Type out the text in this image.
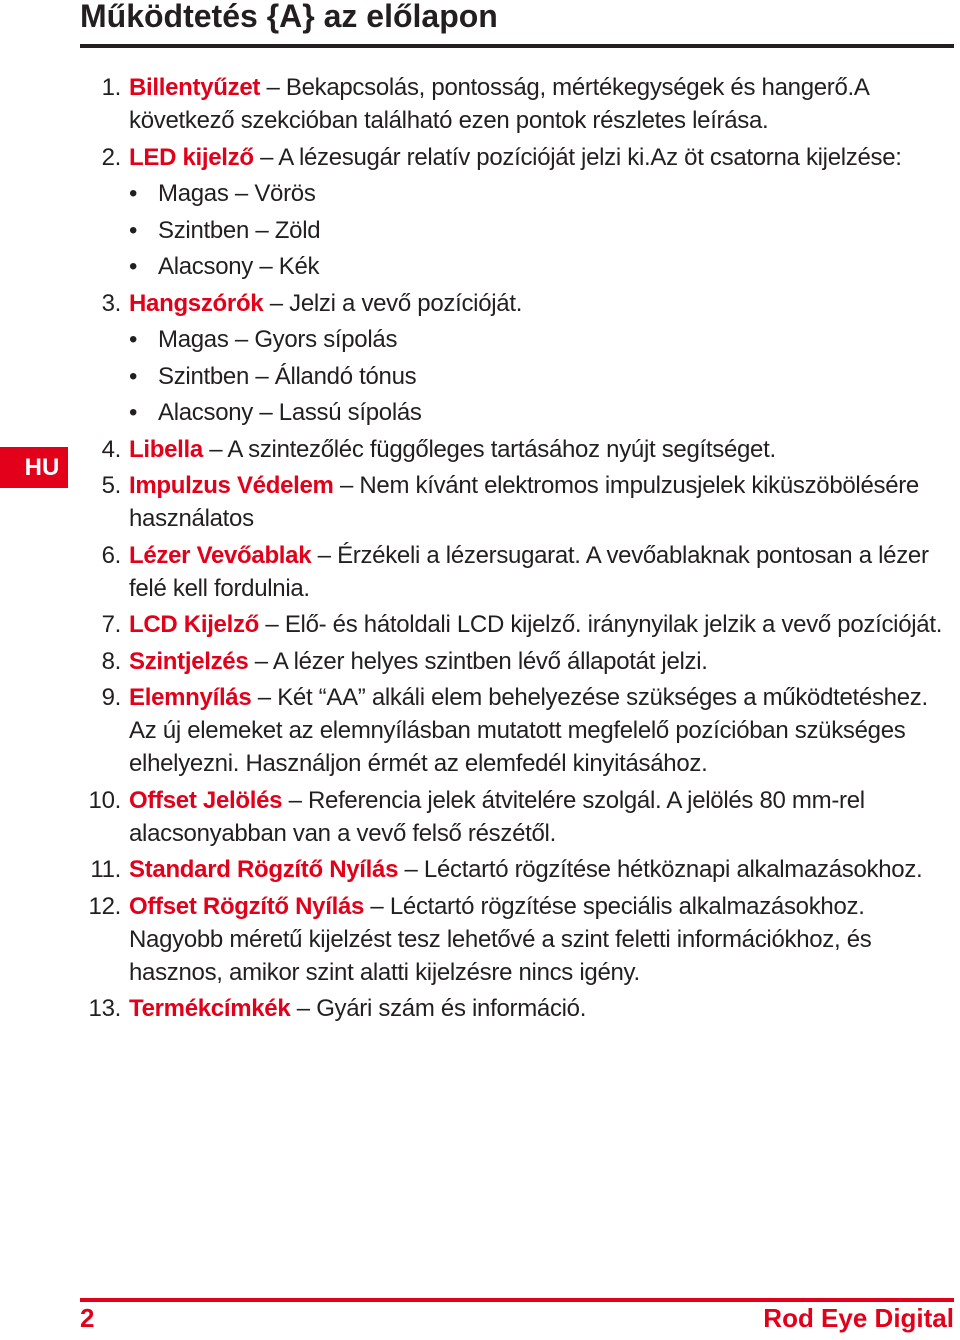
Működtetés {A} az előlapon
HU
1. Billentyűzet – Bekapcsolás, pontosság, mértékegységek és hangerő.A következő szekcióban található ezen pontok részletes leírása.
2. LED kijelző – A lézesugár relatív pozícióját jelzi ki.Az öt csatorna kijelzése:
• Magas – Vörös
• Szintben – Zöld
• Alacsony – Kék
3. Hangszórók – Jelzi a vevő pozícióját.
• Magas – Gyors sípolás
• Szintben – Állandó tónus
• Alacsony – Lassú sípolás
4. Libella – A szintezőléc függőleges tartásához nyújt segítséget.
5. Impulzus Védelem – Nem kívánt elektromos impulzusjelek kiküszöbölésére használatos
6. Lézer Vevőablak – Érzékeli a lézersugarat. A vevőablaknak pontosan a lézer felé kell fordulnia.
7. LCD Kijelző – Elő- és hátoldali LCD kijelző. iránynyilak jelzik a vevő pozícióját.
8. Szintjelzés – A lézer helyes szintben lévő állapotát jelzi.
9. Elemnyílás – Két “AA” alkáli elem behelyezése szükséges a működtetéshez. Az új elemeket az elemnyílásban mutatott megfelelő pozícióban szükséges elhelyezni. Használjon érmét az elemfedél kinyitásához.
10. Offset Jelölés – Referencia jelek átvitelére szolgál. A jelölés 80 mm-rel alacsonyabban van a vevő felső részétől.
11. Standard Rögzítő Nyílás – Léctartó rögzítése hétköznapi alkalmazásokhoz.
12. Offset Rögzítő Nyílás – Léctartó rögzítése speciális alkalmazásokhoz. Nagyobb méretű kijelzést tesz lehetővé a szint feletti információkhoz, és hasznos, amikor szint alatti kijelzésre nincs igény.
13. Termékcímkék – Gyári szám és információ.
2	Rod Eye Digital
